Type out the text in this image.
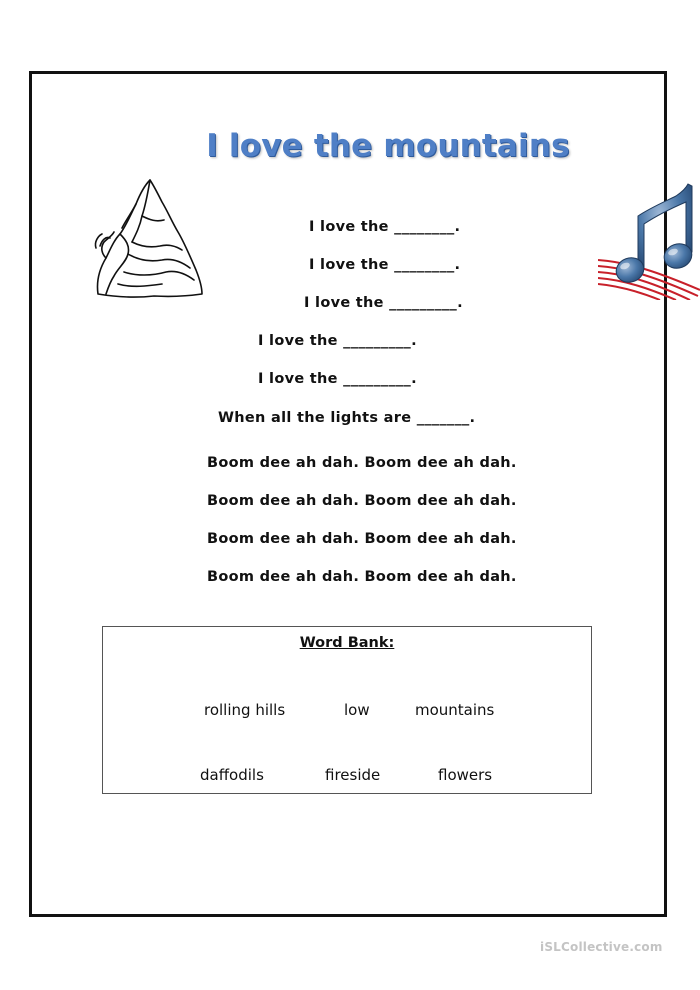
I love the mountains
I love the ________.
I love the ________.
I love the _________.
I love the _________.
I love the _________.
When all the lights are _______.
Boom dee ah dah. Boom dee ah dah.
Boom dee ah dah. Boom dee ah dah.
Boom dee ah dah. Boom dee ah dah.
Boom dee ah dah. Boom dee ah dah.
Word Bank:
rolling hills	low	mountains
daffodils	fireside	flowers
iSLCollective.com
